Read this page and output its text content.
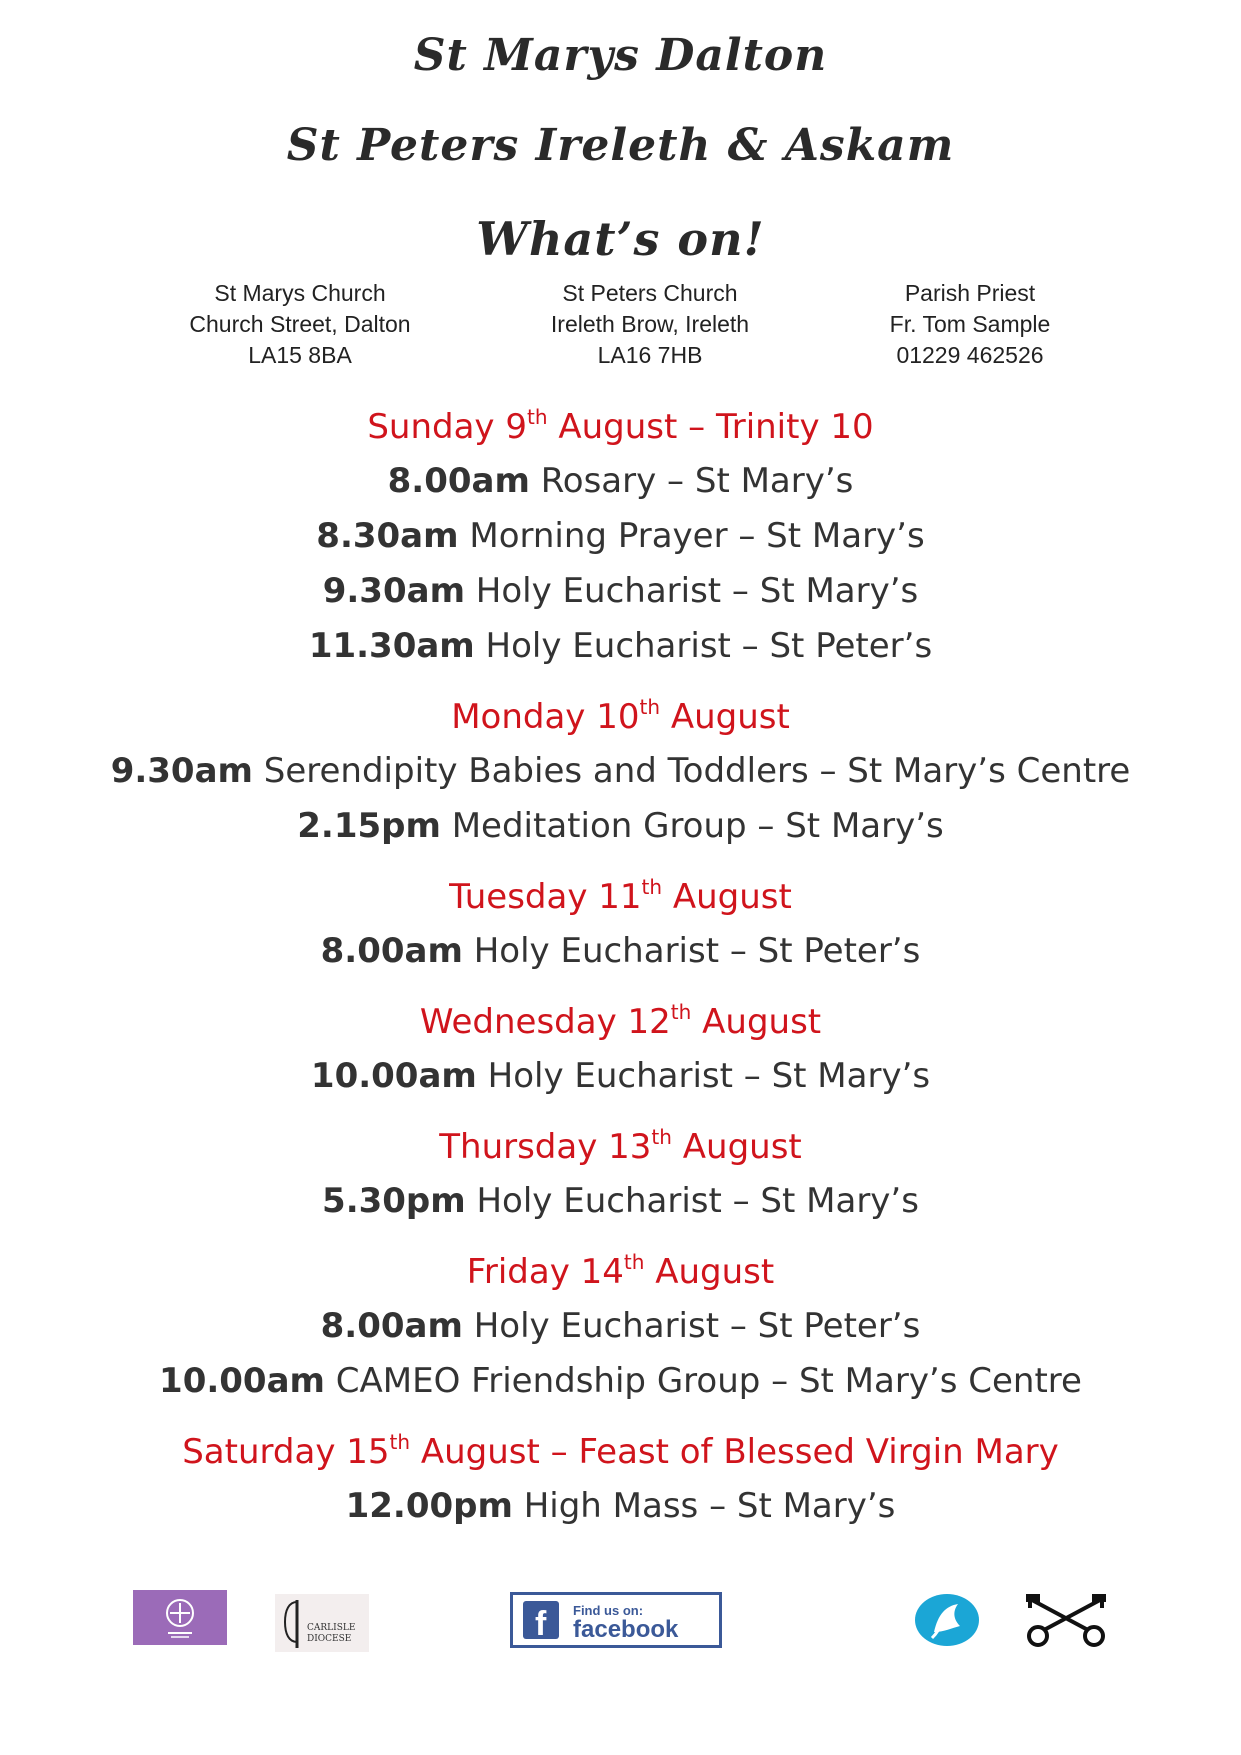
St Marys Dalton
St Peters Ireleth & Askam
What’s on!
St Marys Church
Church Street, Dalton
LA15 8BA
St Peters Church
Ireleth Brow, Ireleth
LA16 7HB
Parish Priest
Fr. Tom Sample
01229 462526
Sunday 9th August – Trinity 10
8.00am Rosary – St Mary’s
8.30am Morning Prayer – St Mary’s
9.30am Holy Eucharist – St Mary’s
11.30am Holy Eucharist – St Peter’s
Monday 10th August
9.30am Serendipity Babies and Toddlers – St Mary’s Centre
2.15pm Meditation Group – St Mary’s
Tuesday 11th August
8.00am Holy Eucharist – St Peter’s
Wednesday 12th August
10.00am Holy Eucharist – St Mary’s
Thursday 13th August
5.30pm Holy Eucharist – St Mary’s
Friday 14th August
8.00am Holy Eucharist – St Peter’s
10.00am CAMEO Friendship Group – St Mary’s Centre
Saturday 15th August – Feast of Blessed Virgin Mary
12.00pm High Mass – St Mary’s
CARLISLE
DIOCESE	f Find us on:
facebook
